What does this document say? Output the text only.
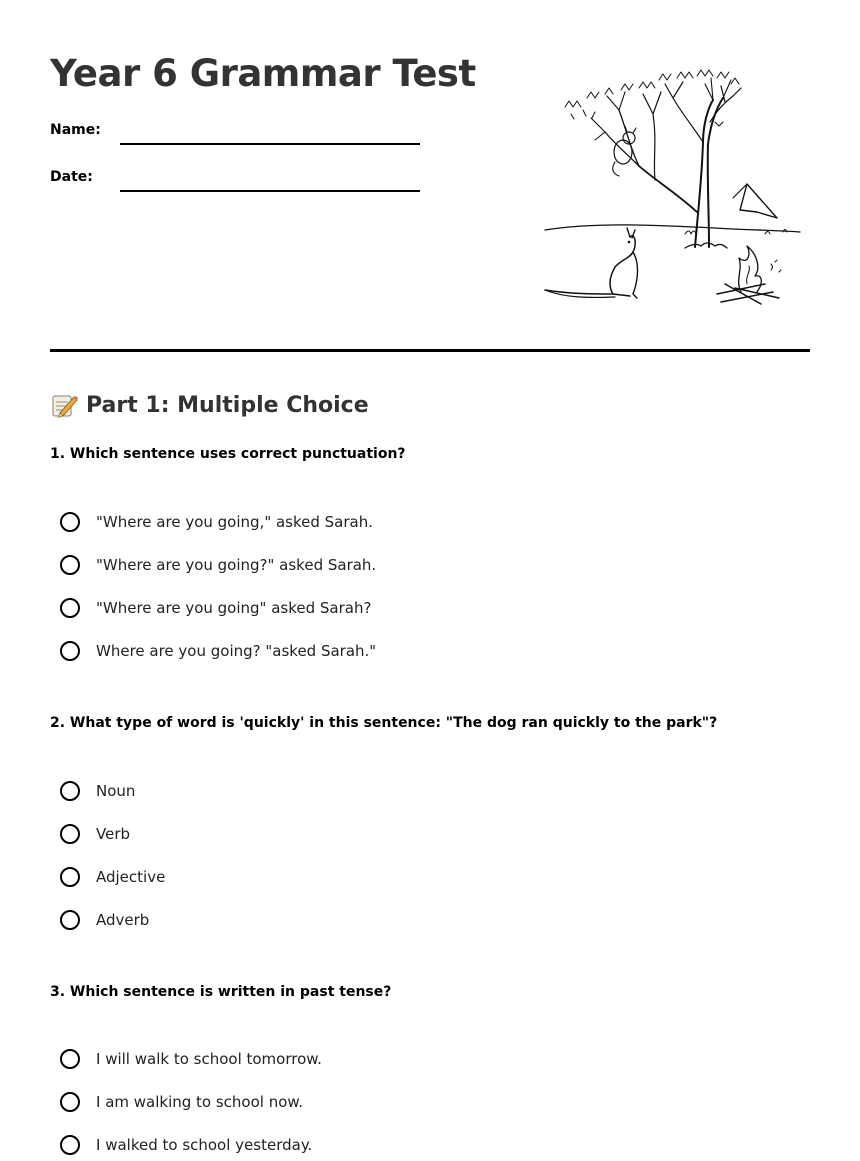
Year 6 Grammar Test
Name:
Date:
Part 1: Multiple Choice
1. Which sentence uses correct punctuation?
"Where are you going," asked Sarah.
"Where are you going?" asked Sarah.
"Where are you going" asked Sarah?
Where are you going? "asked Sarah."
2. What type of word is 'quickly' in this sentence: "The dog ran quickly to the park"?
Noun
Verb
Adjective
Adverb
3. Which sentence is written in past tense?
I will walk to school tomorrow.
I am walking to school now.
I walked to school yesterday.
